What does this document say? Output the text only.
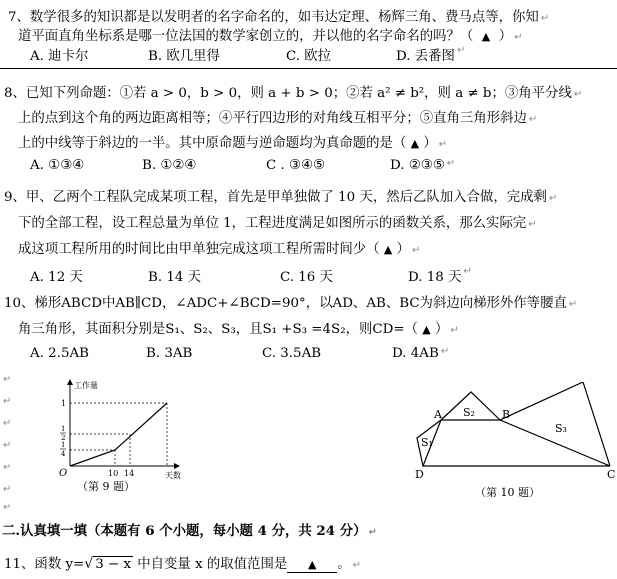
7、数学很多的知识都是以发明者的名字命名的，如韦达定理、杨辉三角、费马点等，你知 ↵
道平面直角坐标系是哪一位法国的数学家创立的，并以他的名字命名的吗？（ ▲ ） ↵
A. 迪卡尔	B. 欧几里得	C. 欧拉	D. 丢番图 ↵
8、已知下列命题：①若 a > 0，b > 0，则 a + b > 0；②若 a² ≠ b²，则 a ≠ b；③角平分线 ↵
上的点到这个角的两边距离相等；④平行四边形的对角线互相平分；⑤直角三角形斜边 ↵
上的中线等于斜边的一半。其中原命题与逆命题均为真命题的是（ ▲ ） ↵
A. ①③④	B. ①②④	C . ③④⑤	D. ②③⑤ ↵
9、甲、乙两个工程队完成某项工程，首先是甲单独做了 10 天，然后乙队加入合做，完成剩 ↵
下的全部工程，设工程总量为单位 1，工程进度满足如图所示的函数关系，那么实际完 ↵
成这项工程所用的时间比由甲单独完成这项工程所需时间少（ ▲ ） ↵
A. 12 天	B. 14 天	C. 16 天	D. 18 天 ↵
10、梯形ABCD中AB∥CD，∠ADC+∠BCD=90°，以AD、AB、BC为斜边向梯形外作等腰直 ↵
角三角形，其面积分别是S₁、S₂、S₃，且S₁ +S₃ =4S₂，则CD=（ ▲ ） ↵
A. 2.5AB	B. 3AB	C. 3.5AB	D. 4AB ↵
↵
↵
↵
↵
↵
↵
↵
工作量
天数
O
1
1
2
1
4
10 14
（第 9 题）
A	B
C
D
S₂
S₁
S₃
（第 10 题）
二.认真填一填（本题有 6 个小题，每小题 4 分，共 24 分） ↵
11、函数 y=√ 3 − x 中自变量 x 的取值范围是 ▲ 。 ↵
